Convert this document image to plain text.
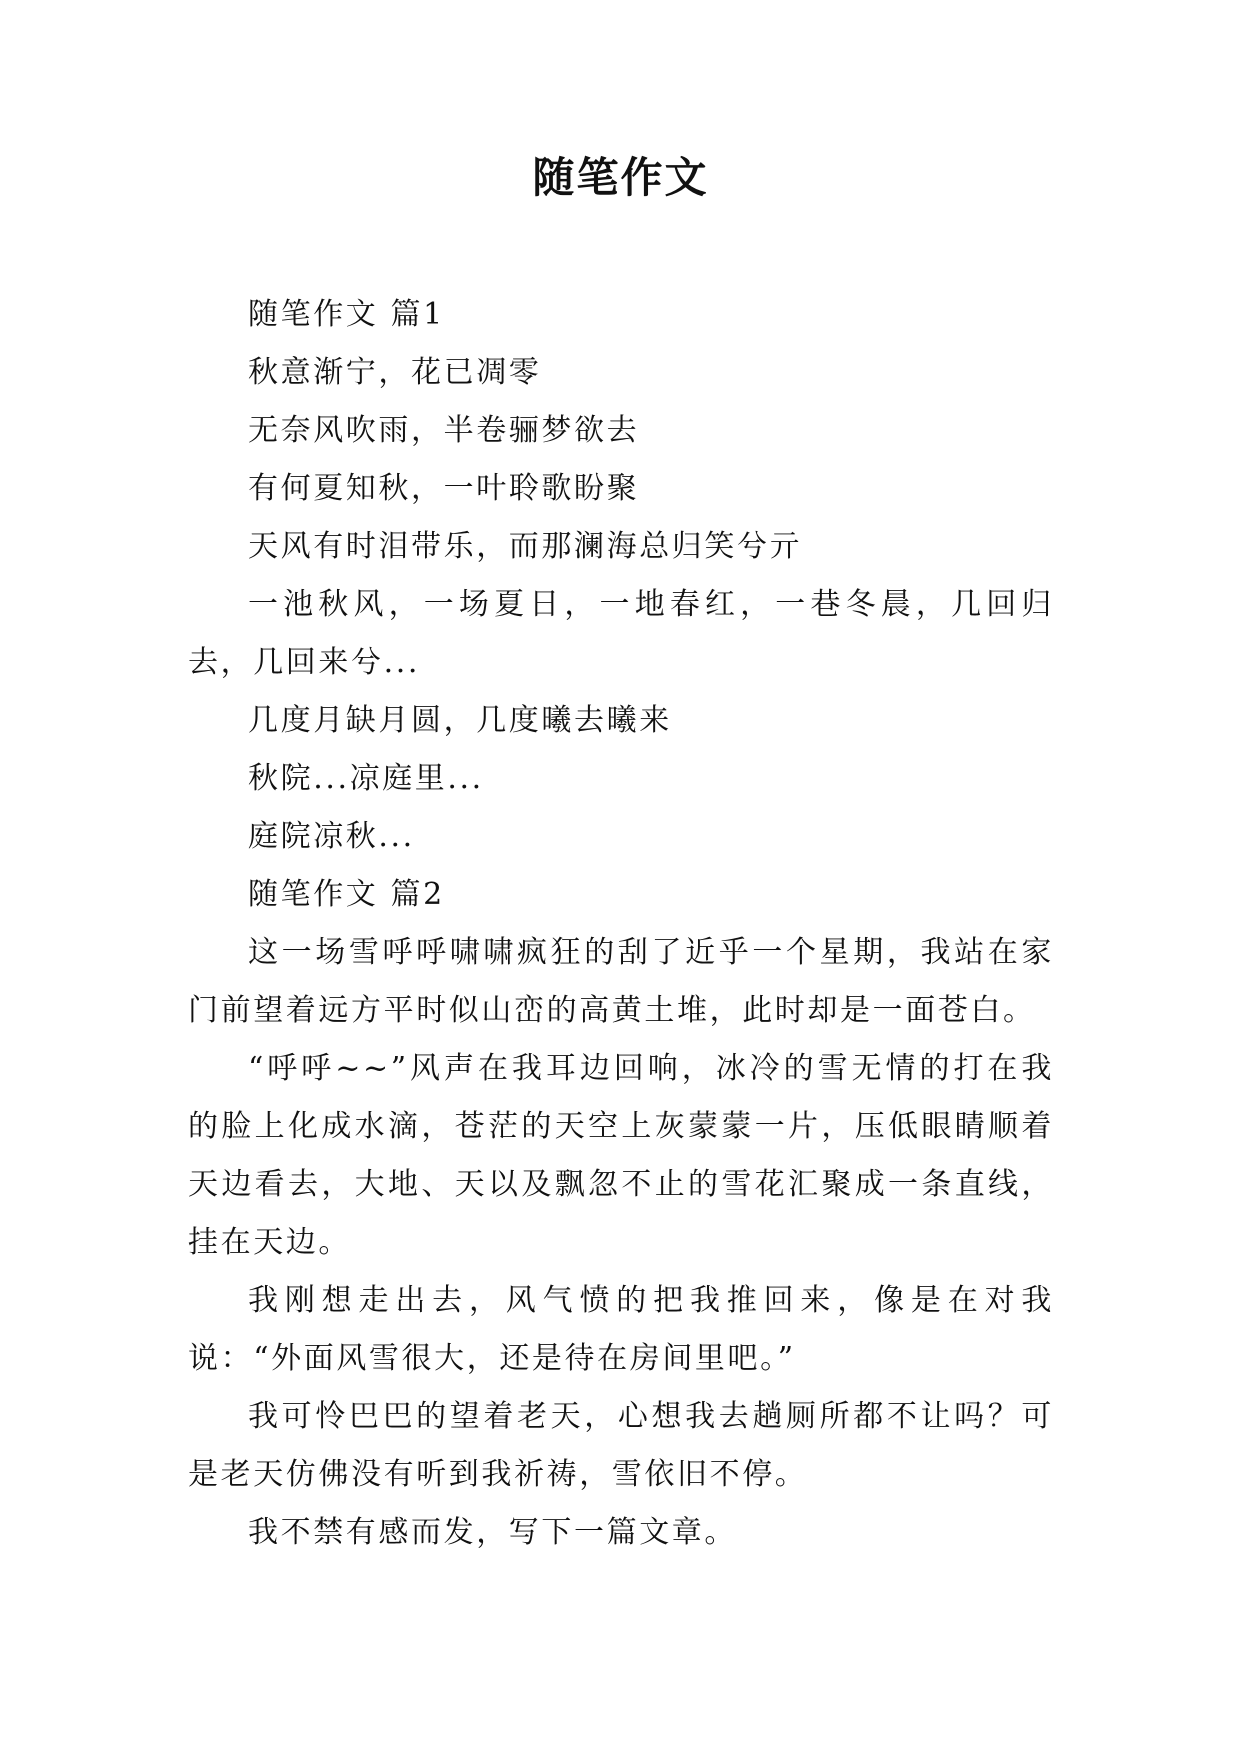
随笔作文

随笔作文 篇1

秋意渐宁，花已凋零

无奈风吹雨，半卷骊梦欲去

有何夏知秋，一叶聆歌盼聚

天风有时泪带乐，而那澜海总归笑兮亓

一池秋风，一场夏日，一地春红，一巷冬晨，几回归去，几回来兮...

几度月缺月圆，几度曦去曦来

秋院...凉庭里...

庭院凉秋...

随笔作文 篇2

这一场雪呼呼啸啸疯狂的刮了近乎一个星期，我站在家门前望着远方平时似山峦的高黄土堆，此时却是一面苍白。

“呼呼~~”风声在我耳边回响，冰冷的雪无情的打在我的脸上化成水滴，苍茫的天空上灰蒙蒙一片，压低眼睛顺着天边看去，大地、天以及飘忽不止的雪花汇聚成一条直线，挂在天边。

我刚想走出去，风气愤的把我推回来，像是在对我说：“外面风雪很大，还是待在房间里吧。”

我可怜巴巴的望着老天，心想我去趟厕所都不让吗？可是老天仿佛没有听到我祈祷，雪依旧不停。

我不禁有感而发，写下一篇文章。
